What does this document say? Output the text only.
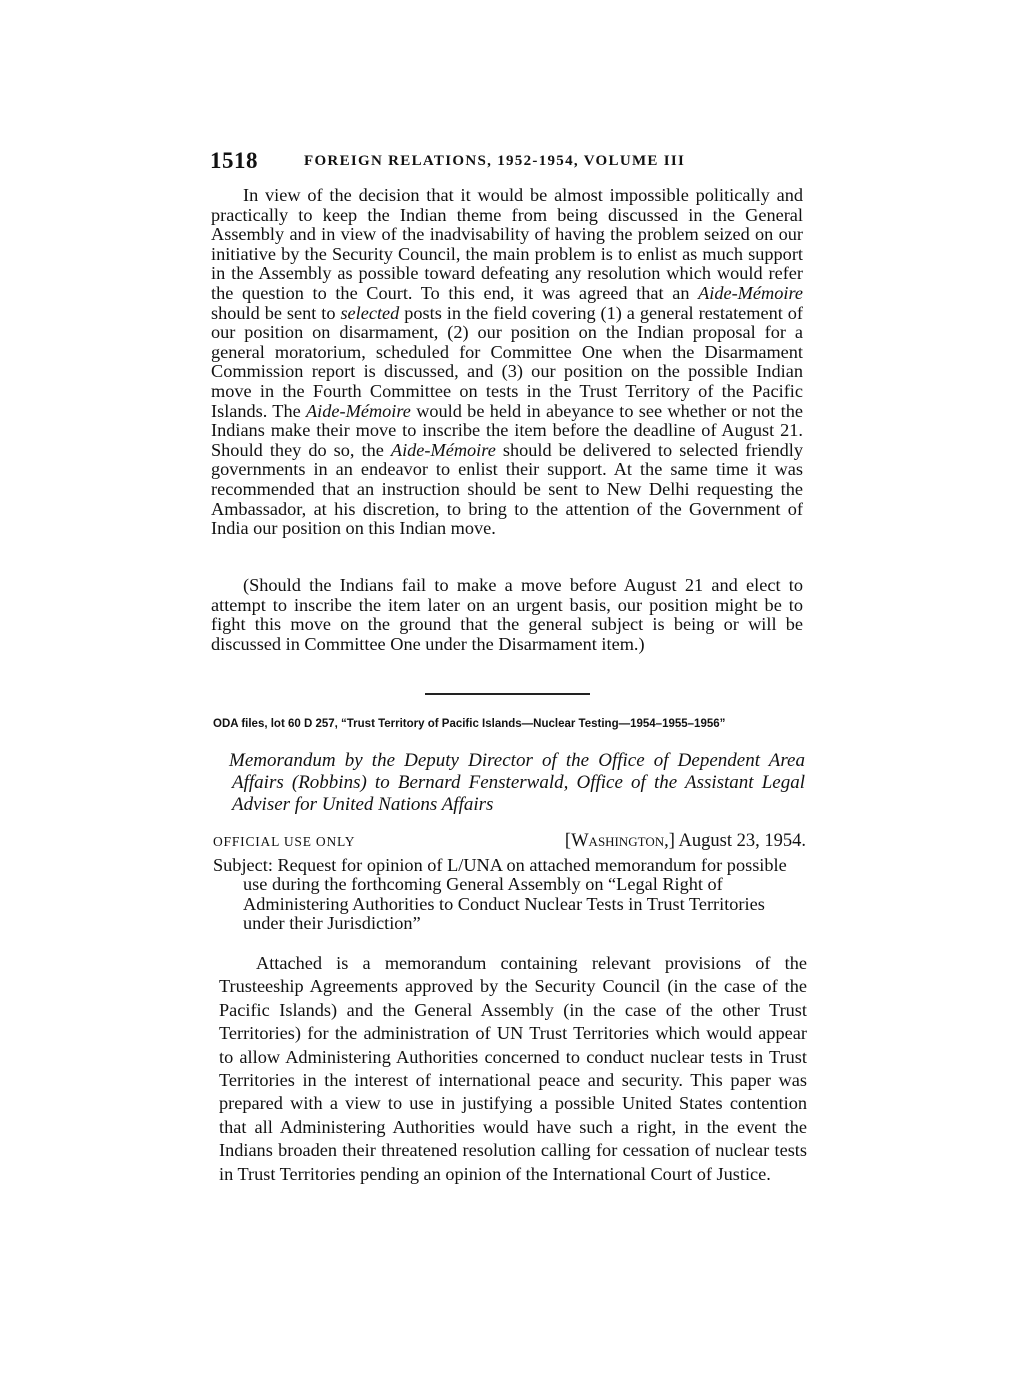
1518	FOREIGN RELATIONS, 1952-1954, VOLUME III

In view of the decision that it would be almost impossible politically and practically to keep the Indian theme from being discussed in the General Assembly and in view of the inadvisability of having the problem seized on our initiative by the Security Council, the main problem is to enlist as much support in the Assembly as possible toward defeating any resolution which would refer the question to the Court. To this end, it was agreed that an Aide-Mémoire should be sent to selected posts in the field covering (1) a general restatement of our position on disarmament, (2) our position on the Indian proposal for a general moratorium, scheduled for Committee One when the Disarmament Commission report is discussed, and (3) our position on the possible Indian move in the Fourth Committee on tests in the Trust Territory of the Pacific Islands. The Aide-Mémoire would be held in abeyance to see whether or not the Indians make their move to inscribe the item before the deadline of August 21. Should they do so, the Aide-Mémoire should be delivered to selected friendly governments in an endeavor to enlist their support. At the same time it was recommended that an instruction should be sent to New Delhi requesting the Ambassador, at his discretion, to bring to the attention of the Government of India our position on this Indian move.

(Should the Indians fail to make a move before August 21 and elect to attempt to inscribe the item later on an urgent basis, our position might be to fight this move on the ground that the general subject is being or will be discussed in Committee One under the Disarmament item.)

ODA files, lot 60 D 257, “Trust Territory of Pacific Islands—Nuclear Testing—1954–1955–1956”
Memorandum by the Deputy Director of the Office of Dependent Area Affairs (Robbins) to Bernard Fensterwald, Office of the Assistant Legal Adviser for United Nations Affairs
OFFICIAL USE ONLY	[Washington,] August 23, 1954.
Subject: Request for opinion of L/UNA on attached memorandum for possible use during the forthcoming General Assembly on “Legal Right of Administering Authorities to Conduct Nuclear Tests in Trust Territories under their Jurisdiction”

Attached is a memorandum containing relevant provisions of the Trusteeship Agreements approved by the Security Council (in the case of the Pacific Islands) and the General Assembly (in the case of the other Trust Territories) for the administration of UN Trust Territories which would appear to allow Administering Authorities concerned to conduct nuclear tests in Trust Territories in the interest of international peace and security. This paper was prepared with a view to use in justifying a possible United States contention that all Administering Authorities would have such a right, in the event the Indians broaden their threatened resolution calling for cessation of nuclear tests in Trust Territories pending an opinion of the International Court of Justice.
